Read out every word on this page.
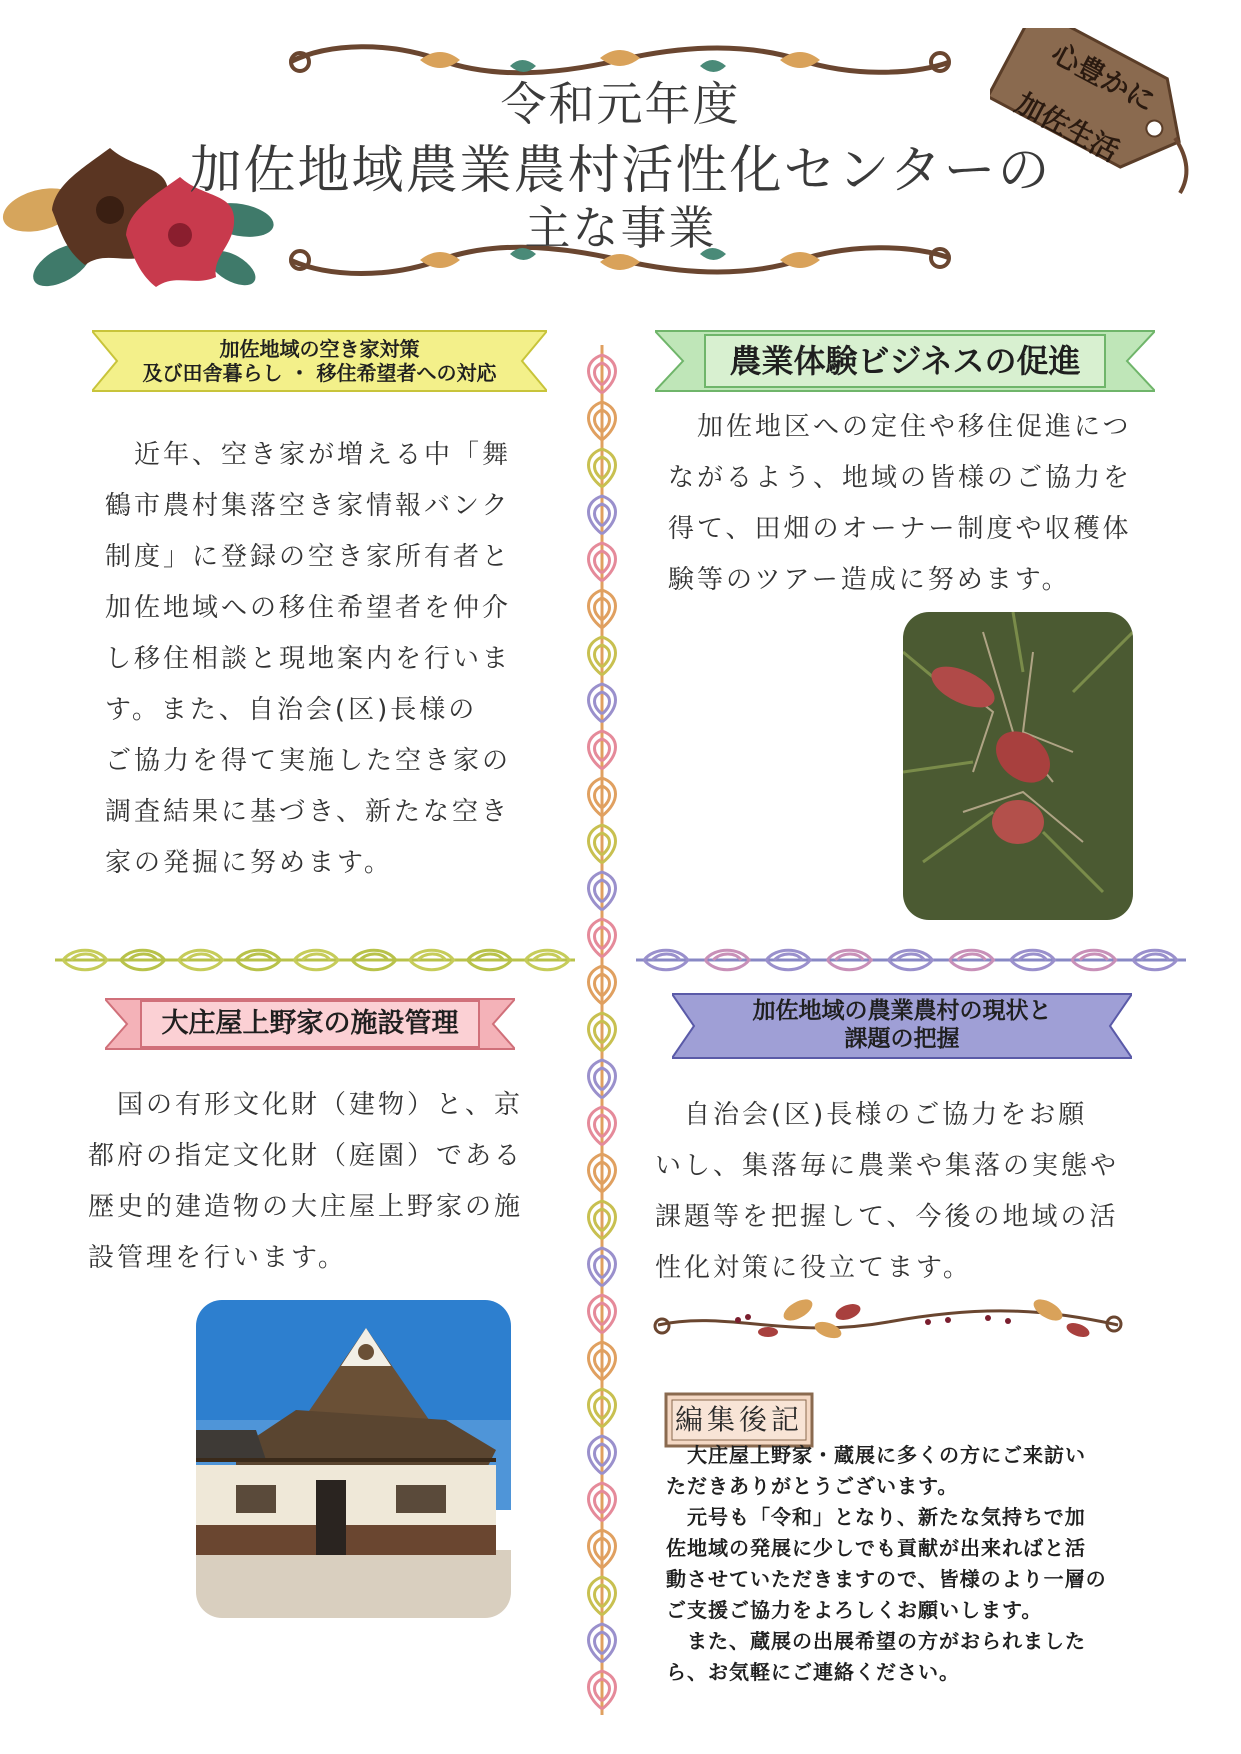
令和元年度
加佐地域農業農村活性化センターの
主な事業
心豊かに
加佐生活
加佐地域の空き家対策
及び田舎暮らし ・ 移住希望者への対応

　近年、空き家が増える中「舞

鶴市農村集落空き家情報バンク

制度」に登録の空き家所有者と

加佐地域への移住希望者を仲介

し移住相談と現地案内を行いま

す。また、自治会(区)長様の

ご協力を得て実施した空き家の

調査結果に基づき、新たな空き

家の発掘に努めます。

農業体験ビジネスの促進

　加佐地区への定住や移住促進につ

ながるよう、地域の皆様のご協力を

得て、田畑のオーナー制度や収穫体

験等のツアー造成に努めます。

大庄屋上野家の施設管理

　国の有形文化財（建物）と、京

都府の指定文化財（庭園）である

歴史的建造物の大庄屋上野家の施

設管理を行います。

加佐地域の農業農村の現状と
課題の把握

　自治会(区)長様のご協力をお願

いし、集落毎に農業や集落の実態や

課題等を把握して、今後の地域の活

性化対策に役立てます。

編集後記
　大庄屋上野家・蔵展に多くの方にご来訪い
ただきありがとうございます。
　元号も「令和」となり、新たな気持ちで加
佐地域の発展に少しでも貢献が出来ればと活
動させていただきますので、皆様のより一層の
ご支援ご協力をよろしくお願いします。
　また、蔵展の出展希望の方がおられました
ら、お気軽にご連絡ください。
